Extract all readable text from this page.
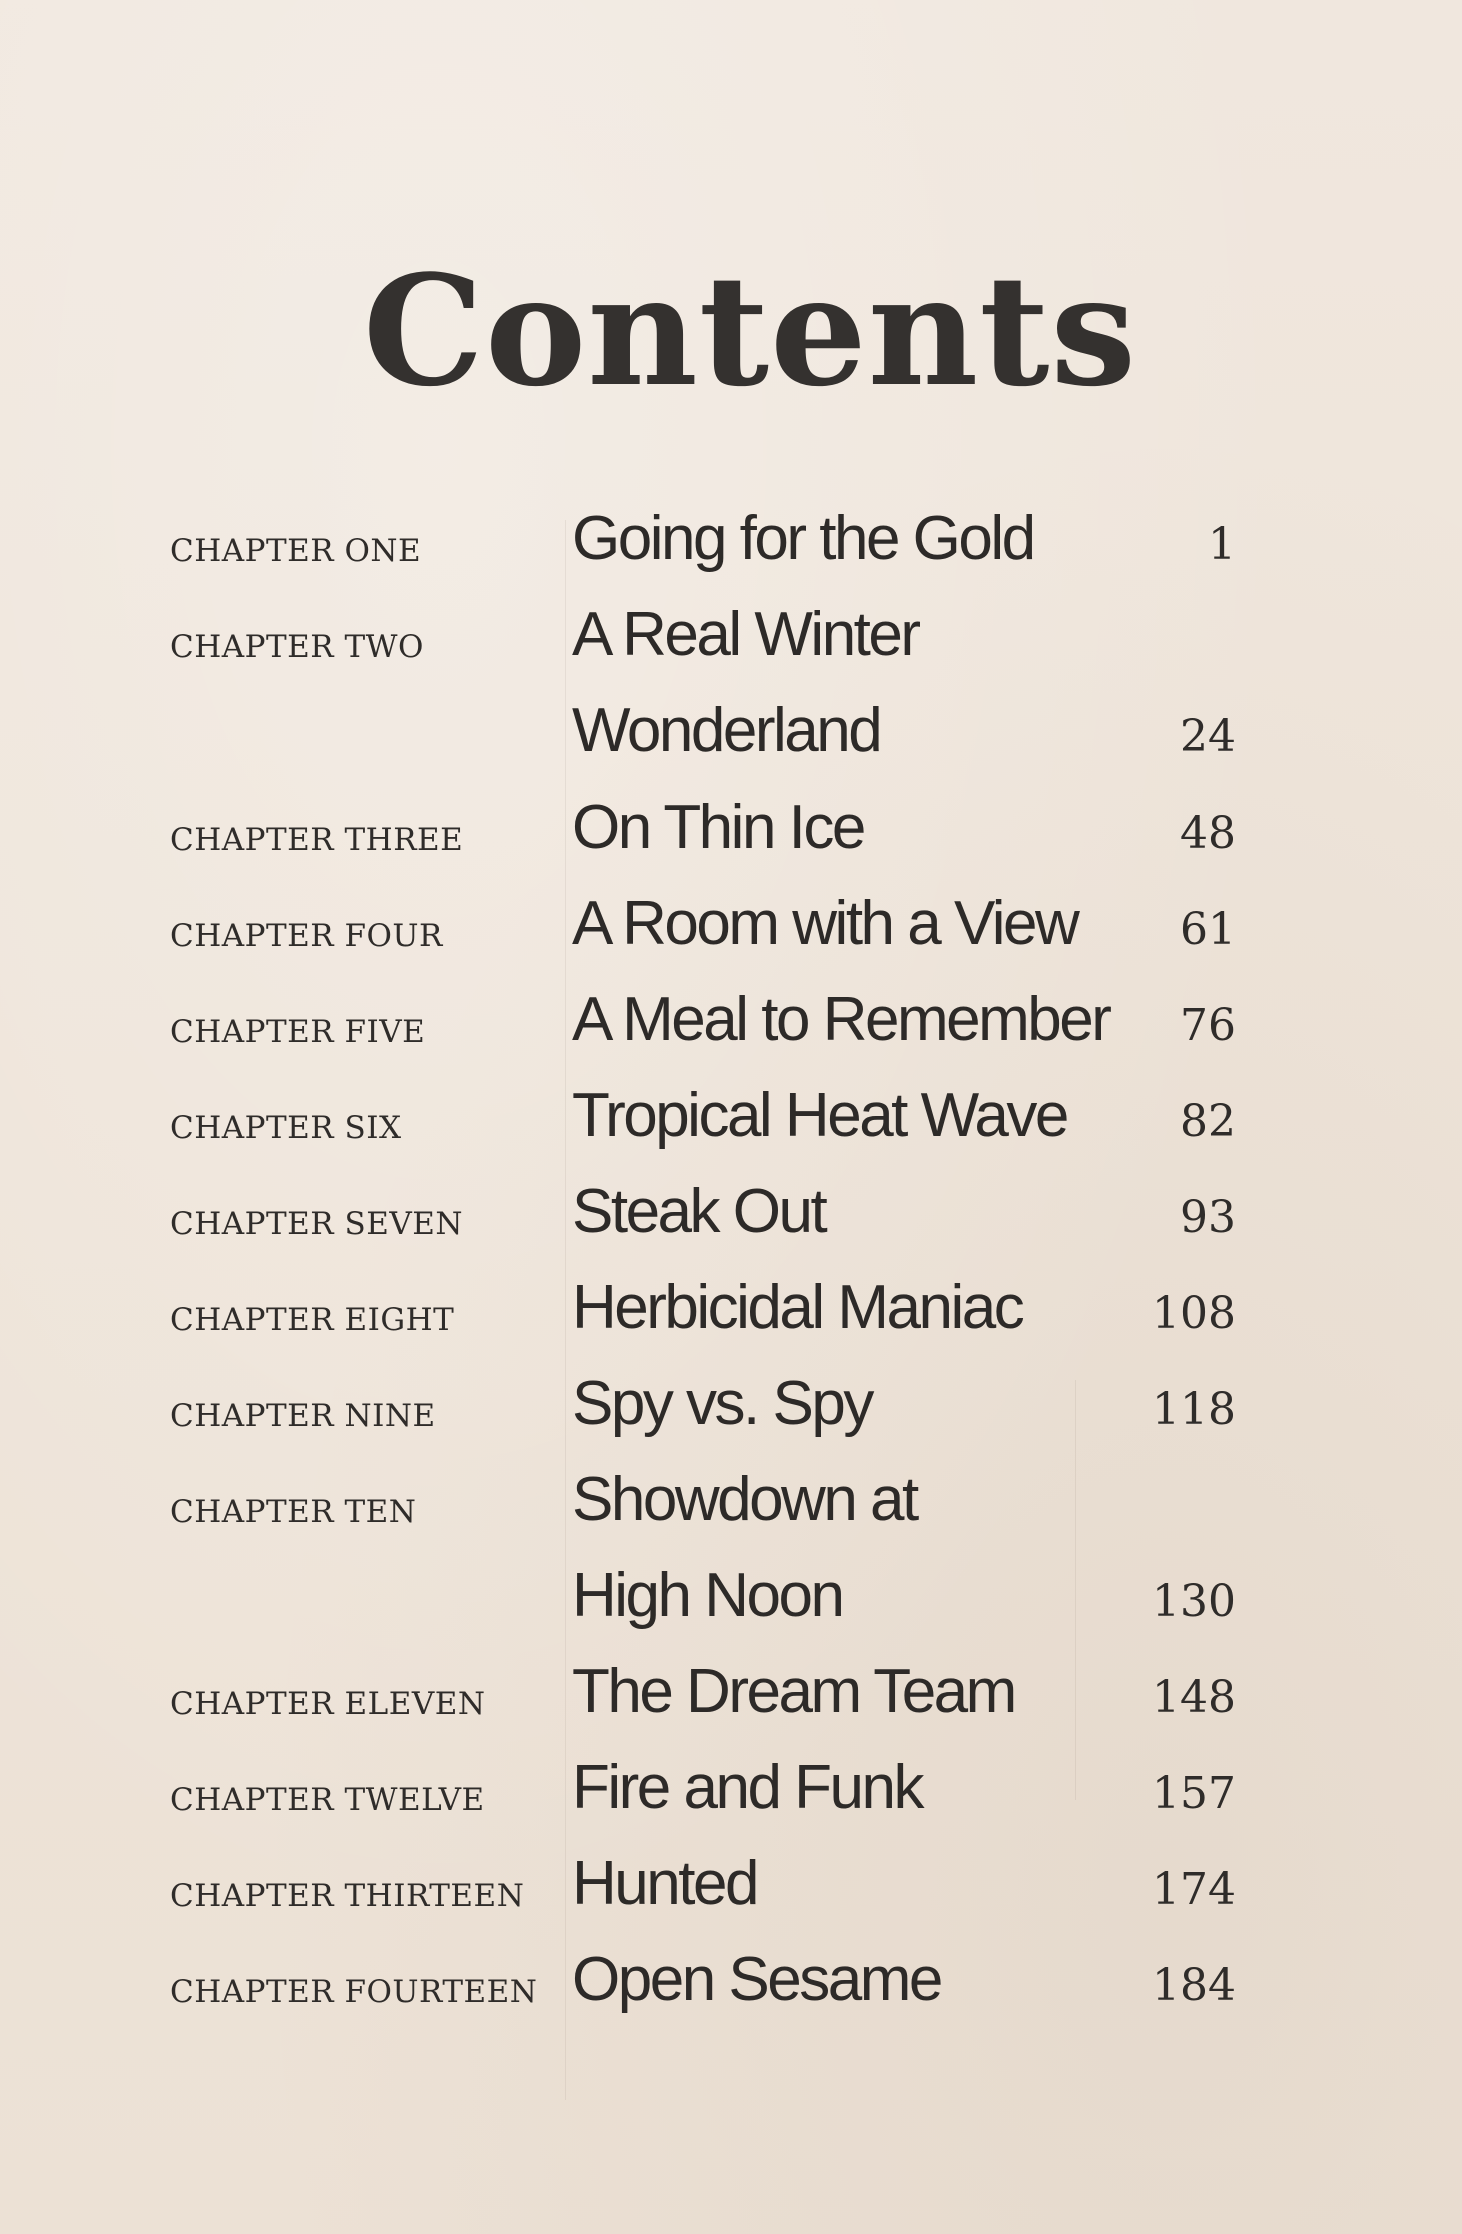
Contents
CHAPTER ONE Going for the Gold	1
CHAPTER TWO A Real Winter
Wonderland	24
CHAPTER THREE On Thin Ice	48
CHAPTER FOUR A Room with a View 61
CHAPTER FIVE A Meal to Remember 76
CHAPTER SIX	Tropical Heat Wave	82
CHAPTER SEVEN Steak Out	93
CHAPTER EIGHT Herbicidal Maniac	108
CHAPTER NINE Spy vs. Spy	118
CHAPTER TEN	Showdown at
High Noon	130
CHAPTER ELEVEN The Dream Team	148
CHAPTER TWELVE Fire and Funk	157
CHAPTER THIRTEEN Hunted	174
CHAPTER FOURTEEN Open Sesame	184
